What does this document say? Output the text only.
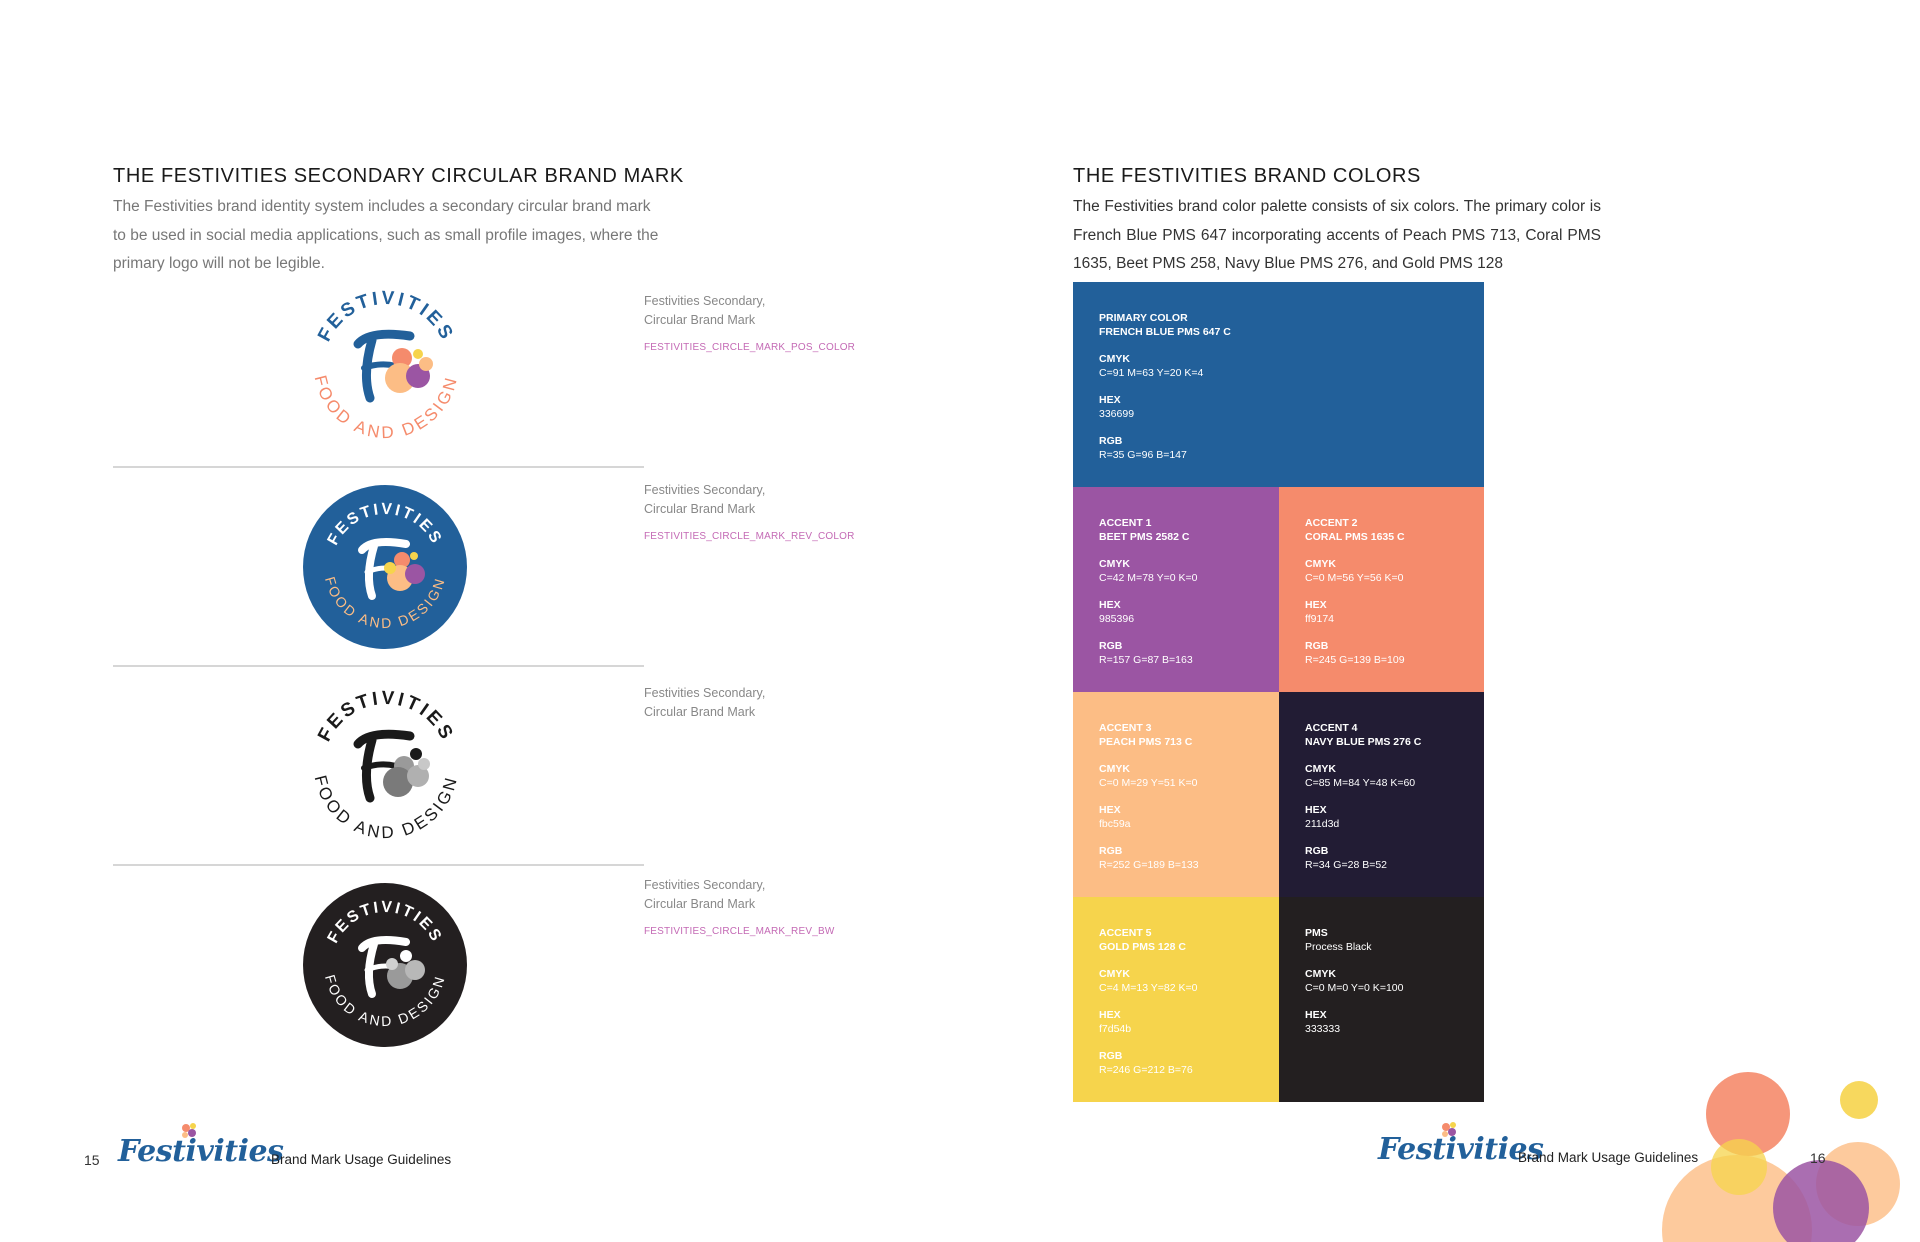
THE FESTIVITIES SECONDARY CIRCULAR BRAND MARK
The Festivities brand identity system includes a secondary circular brand mark
to be used in social media applications, such as small profile images, where the
primary logo will not be legible.
FESTIVITIES
FOOD AND DESIGN
Festivities Secondary,
Circular Brand Mark
FESTIVITIES_CIRCLE_MARK_POS_COLOR
FESTIVITIES
FOOD AND DESIGN
Festivities Secondary,
Circular Brand Mark
FESTIVITIES_CIRCLE_MARK_REV_COLOR
FESTIVITIES
FOOD AND DESIGN
Festivities Secondary,
Circular Brand Mark
FESTIVITIES
FOOD AND DESIGN
Festivities Secondary,
Circular Brand Mark
FESTIVITIES_CIRCLE_MARK_REV_BW
15 Festivities
Brand Mark Usage Guidelines
THE FESTIVITIES BRAND COLORS
The Festivities brand color palette consists of six colors. The primary color is
French Blue PMS 647 incorporating accents of Peach PMS 713, Coral PMS
1635, Beet PMS 258, Navy Blue PMS 276, and Gold PMS 128
PRIMARY COLOR
FRENCH BLUE PMS 647 C
CMYK
C=91 M=63 Y=20 K=4
HEX
336699
RGB
R=35 G=96 B=147
ACCENT 1
BEET PMS 2582 C
CMYK
C=42 M=78 Y=0 K=0
HEX
985396
RGB
R=157 G=87 B=163
ACCENT 2
CORAL PMS 1635 C
CMYK
C=0 M=56 Y=56 K=0
HEX
ff9174
RGB
R=245 G=139 B=109
ACCENT 3
PEACH PMS 713 C
CMYK
C=0 M=29 Y=51 K=0
HEX
fbc59a
RGB
R=252 G=189 B=133
ACCENT 4
NAVY BLUE PMS 276 C
CMYK
C=85 M=84 Y=48 K=60
HEX
211d3d
RGB
R=34 G=28 B=52
ACCENT 5
GOLD PMS 128 C
CMYK
C=4 M=13 Y=82 K=0
HEX
f7d54b
RGB
R=246 G=212 B=76
PMS
Process Black
CMYK
C=0 M=0 Y=0 K=100
HEX
333333
Festivities
Brand Mark Usage Guidelines	16
